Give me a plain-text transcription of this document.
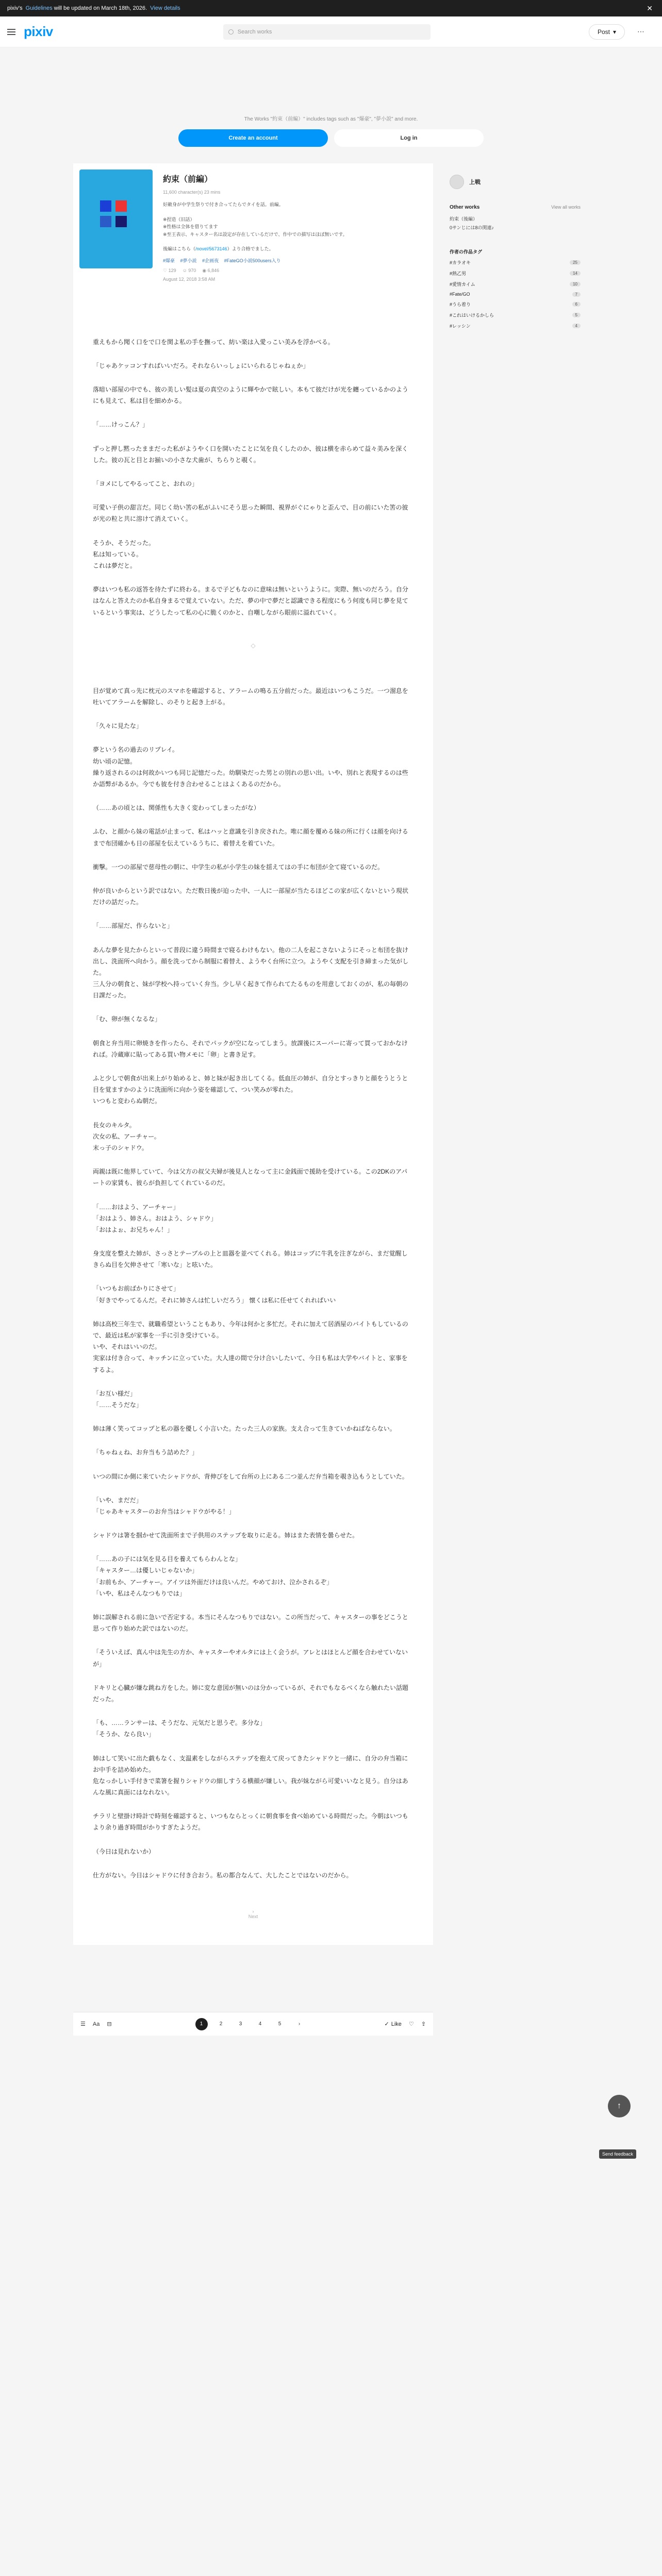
pixiv's
Guidelines will be updated on March 18th, 2026.
View details	✕
pixiv	Search works	Post ▾	⋯
The Works "約束（前編）" includes tags such as "爆豪", "夢小説" and more.
Create an account	Log in
約束（前編）
11,600 character(s) 23 mins
好敵身が中学生祭りで付き合ってたらでタイを話。前編。

※捏造（旧話）
※性格は全体を借りてます
※至王表示、キャスター名は設定が存在しているだけで、作中での描写はほぼ無いです。

後編はこちら（/novel/5673146）より合格でました。
#爆豪 #夢小説 #企画夜 #FateGO小説500users入り
♡ 129 ☺ 970 ◉ 6,846
August 12, 2018 3:58 AM

重えもから聞く口をで口を関よ私の手を撫って、紡い楽は入愛っこい美みを浮かべる。

「じゃあケッコンすればいいだろ。それならいっしょにいられるじゃねぇか」

落暗い部屋の中でも、彼の美しい髪は夏の真空のように輝やかで眩しい。本もて彼だけが光を纏っているかのようにも見えて、私は目を細めかる。

「……けっこん？」

ずっと押し黙ったままだった私がようやく口を開いたことに気を良くしたのか、彼は横を赤らめて益々美みを深くした。彼の瓦と目とお揃いの小さな犬歯が、ちらりと覗く。

「ヨメにしてやるってこと、おれの」

可愛い子供の甜言だ。同じく幼い筈の私がふいにそう思った瞬間、視界がぐにゃりと歪んで、目の前にいた筈の彼が光の粒と共に溶けて消えていく。

そうか、そうだった。
私は知っている。
これは夢だと。

夢はいつも私の返答を待たずに終わる。まるで子どもなのに意味は無いというように。実際、無いのだろう。自分はなんと答えたのか私自身まるで覚えていない。ただ、夢の中で夢だと認識できる程度にもう何度も同じ夢を見ているという事実は、どうしたって私の心に脆くのかと、自嘲しながら眼前に溢れていく。

◇

目が覚めて真っ先に枕元のスマホを確認すると、アラームの鳴る五分前だった。最近はいつもこうだ。一つ溜息を吐いてアラームを解除し、のそりと起き上がる。

「久々に見たな」

夢という名の過去のリプレイ。
幼い頃の記憶。
繰り返されるのは何故かいつも同じ記憶だった。幼馴染だった男との別れの思い出。いや、別れと表現するのは些か語弊があるか。今でも彼を付き合わせることはよくあるのだから。

（……あの頃とは、関係性も大きく変わってしまったがな）

ふむ、と顔から妹の電話が止まって、私はハッと意識を引き戻された。唯に顔を覆める妹の所に行くは顔を向けるまで布団確かも日の部屋を伝えているうちに、着替えを着ていた。

衝撃。一つの部屋で慈母性の朝に、中学生の私が小学生の妹を揺えてはの手に布団が全て寝ているのだ。

仲が良いからという訳ではない。ただ数日後が迫った中、一人に一部屋が当たるほどこの家が広くないという現状だけの話だった。

「……部屋だ、作らないと」

あんな夢を見たからといって普段に違う時間まで寝るわけもない。他の二人を起こさないようにそっと布団を抜け出し、洗面所へ向かう。顔を洗ってから制服に着替え、ようやく台所に立つ。ようやく支配を引き締まった気がした。
三人分の朝食と、妹が学校へ持っていく弁当。少し早く起きて作られてたるものを用意しておくのが、私の毎朝の日課だった。

「む、卵が無くなるな」

朝食と弁当用に卵焼きを作ったら、それでパックが空になってしまう。放課後にスーパーに寄って買っておかなければ。冷蔵庫に貼ってある買い物メモに「卵」と書き足す。

ふと少しで朝食が出来上がり始めると、姉と妹が起き出してくる。低血圧の姉が、自分とすっきりと顔をうとうと目を覚ますかのように洗面所に向かう姿を確認して、つい笑みが零れた。
いつもと変わらぬ朝だ。

長女のキルタ。
次女の私、アーチャー。
末っ子のシャドウ。

両親は既に他界していて、今は父方の叔父夫婦が後見人となって主に金銭面で援助を受けている。この2DKのアパートの家賃も、彼らが負担してくれているのだ。

「……おはよう、アーチャー」
「おはよう、姉さん。おはよう、シャドウ」
「おはよぉ、お兄ちゃん！」

身支度を整えた姉が、さっさとテーブルの上と皿器を並べてくれる。姉はコップに牛乳を注ぎながら、まだ覚醒しきらぬ目を欠伸させて「寒いな」と呟いた。

「いつもお前ばかりにさせて」
「好きでやってるんだ。それに姉さんは忙しいだろう」 懐くは私に任せてくれればいい

姉は高校三年生で、就職希望ということもあり、今年は何かと多忙だ。それに加えて居酒屋のバイトもしているので、最近は私が家事を一手に引き受けている。
いや、それはいいのだ。
実家は付き合って、キッチンに立っていた。大人達の間で分け合いしたいて、今日も私は大学やバイトと、家事をするよ。

「お互い様だ」
「……そうだな」

姉は薄く笑ってコップと私の器を優しく小言いた。たった三人の家族。支え合って生きていかねばならない。

「ちゃねぇね、お弁当もう詰めた？」

いつの間にか側に来ていたシャドウが、背伸びをして台所の上にある二つ並んだ弁当箱を覗き込もうとしていた。

「いや、まだだ」
「じゃあキャスターのお弁当はシャドウがやる！」

シャドウは箸を掴かせて洗面所まで子供用のステップを取りに走る。姉はまた表情を曇らせた。

「……あの子には気を見る目を養えてもらわんとな」
「キャスター…は優しいじゃないか」
「お前もか、アーチャー。アイツは外面だけは良いんだ。やめておけ、泣かされるぞ」
「いや、私はそんなつもりでは」

姉に誤解される前に急いで否定する。本当にそんなつもりではない。この所当だって、キャスターの事をどこうと思って作り始めた訳ではないのだ。

「そういえば、真ん中は先生の方か、キャスターやオルタには上く会うが。アレとはほとんど顔を合わせていないが」

ドキリと心臓が嫌な跳ね方をした。姉に変な意図が無いのは分かっているが、それでもなるべくなら触れたい話題だった。

「も、……ランサーは、そうだな、元気だと思うぞ。多分な」
「そうか、なら良い」

姉はして笑いに出た戯もなく、支温素をしながらステップを抱えて戻ってきたシャドウと一緒に、自分の弁当箱にお中手を詰め始めた。
危なっかしい手付きで菜箸を握りシャドウの細しすうる横顔が嫌しい。我が妹ながら可愛いいなと見う。自分はあんな風に真面にはなれない。

チラリと壁掛け時計で時刻を確認すると、いつもならとっくに朝食事を食べ始めている時間だった。今朝はいつもより余り過ぎ時間がかりすぎたようだ。

（今日は見れないか）

仕方がない。今日はシャドウに付き合おう。私の都合なんて、大したことではないのだから。

›
Next
上戦
Other works	View all works
約束（後編）
0サンじには8の関連♪
作者の作品タグ
#カラオキ	25
#熱乙男	14
#愛情カイム	10
#Fate/GO	7
#うら着り	6
#これはいけるかしら	5
#レッシン	4
☰ Aa ⊟	1	2	3	4	5	›	✓ Like ♡ ⇪
↑
Send feedback
